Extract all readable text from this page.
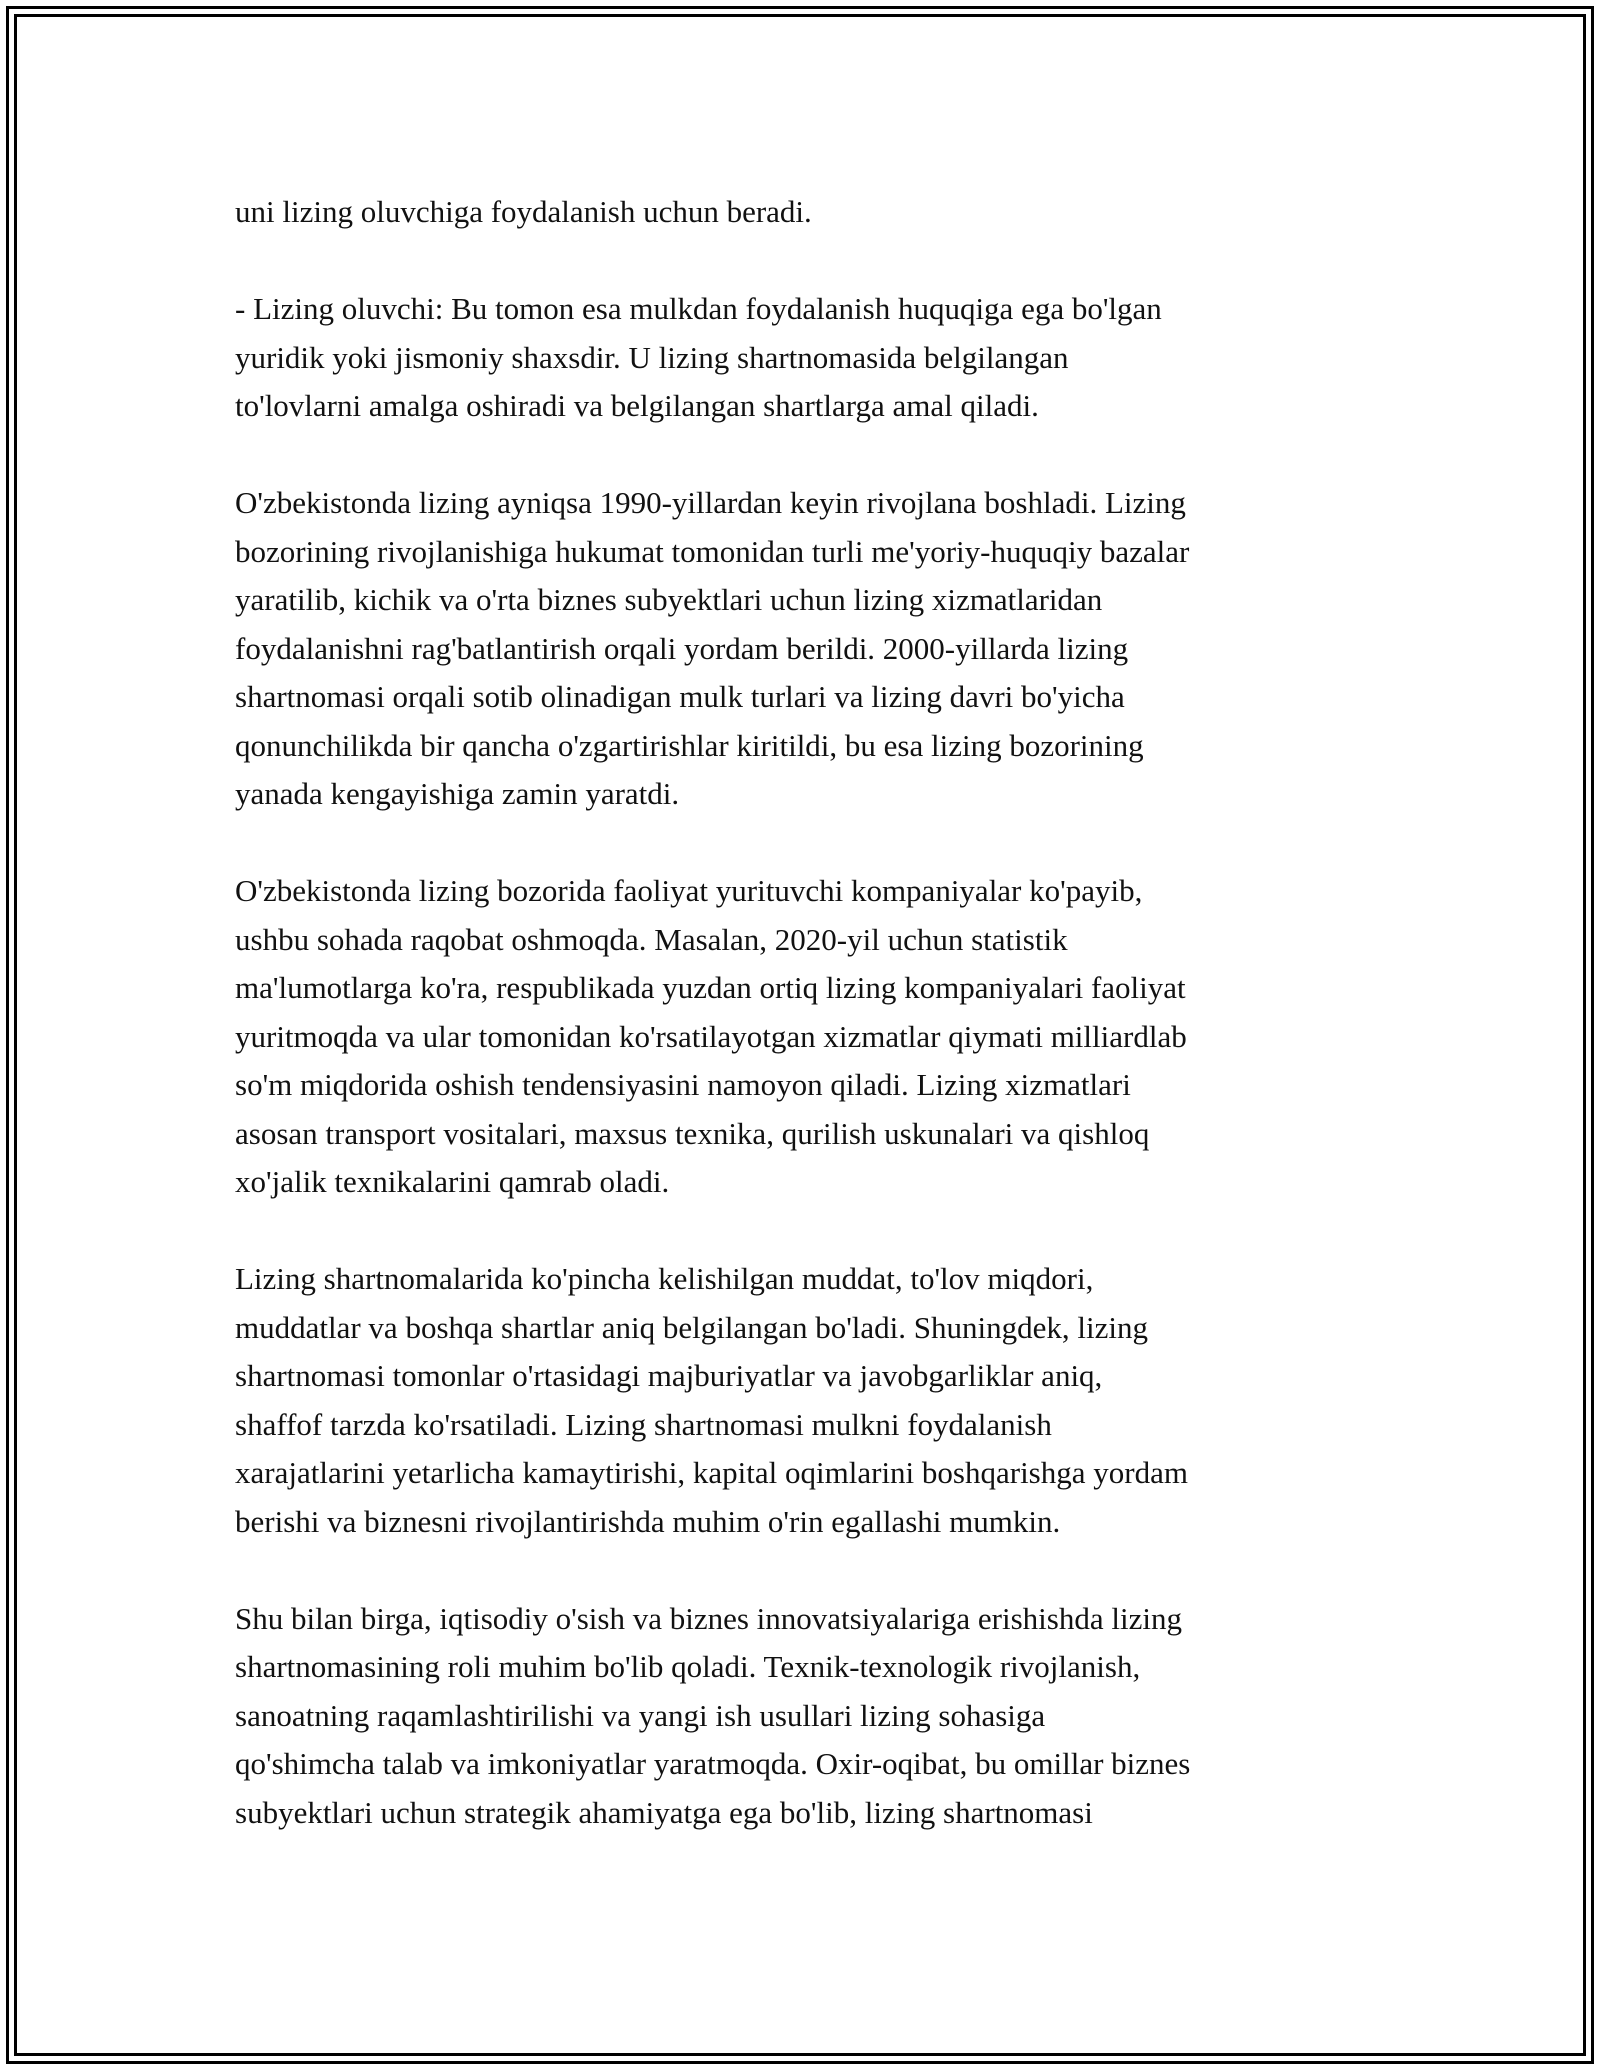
uni lizing oluvchiga foydalanish uchun beradi.

- Lizing oluvchi: Bu tomon esa mulkdan foydalanish huquqiga ega bo'lgan
yuridik yoki jismoniy shaxsdir. U lizing shartnomasida belgilangan
to'lovlarni amalga oshiradi va belgilangan shartlarga amal qiladi.

O'zbekistonda lizing ayniqsa 1990-yillardan keyin rivojlana boshladi. Lizing
bozorining rivojlanishiga hukumat tomonidan turli me'yoriy-huquqiy bazalar
yaratilib, kichik va o'rta biznes subyektlari uchun lizing xizmatlaridan
foydalanishni rag'batlantirish orqali yordam berildi. 2000-yillarda lizing
shartnomasi orqali sotib olinadigan mulk turlari va lizing davri bo'yicha
qonunchilikda bir qancha o'zgartirishlar kiritildi, bu esa lizing bozorining
yanada kengayishiga zamin yaratdi.

O'zbekistonda lizing bozorida faoliyat yurituvchi kompaniyalar ko'payib,
ushbu sohada raqobat oshmoqda. Masalan, 2020-yil uchun statistik
ma'lumotlarga ko'ra, respublikada yuzdan ortiq lizing kompaniyalari faoliyat
yuritmoqda va ular tomonidan ko'rsatilayotgan xizmatlar qiymati milliardlab
so'm miqdorida oshish tendensiyasini namoyon qiladi. Lizing xizmatlari
asosan transport vositalari, maxsus texnika, qurilish uskunalari va qishloq
xo'jalik texnikalarini qamrab oladi.

Lizing shartnomalarida ko'pincha kelishilgan muddat, to'lov miqdori,
muddatlar va boshqa shartlar aniq belgilangan bo'ladi. Shuningdek, lizing
shartnomasi tomonlar o'rtasidagi majburiyatlar va javobgarliklar aniq,
shaffof tarzda ko'rsatiladi. Lizing shartnomasi mulkni foydalanish
xarajatlarini yetarlicha kamaytirishi, kapital oqimlarini boshqarishga yordam
berishi va biznesni rivojlantirishda muhim o'rin egallashi mumkin.

Shu bilan birga, iqtisodiy o'sish va biznes innovatsiyalariga erishishda lizing
shartnomasining roli muhim bo'lib qoladi. Texnik-texnologik rivojlanish,
sanoatning raqamlashtirilishi va yangi ish usullari lizing sohasiga
qo'shimcha talab va imkoniyatlar yaratmoqda. Oxir-oqibat, bu omillar biznes
subyektlari uchun strategik ahamiyatga ega bo'lib, lizing shartnomasi
